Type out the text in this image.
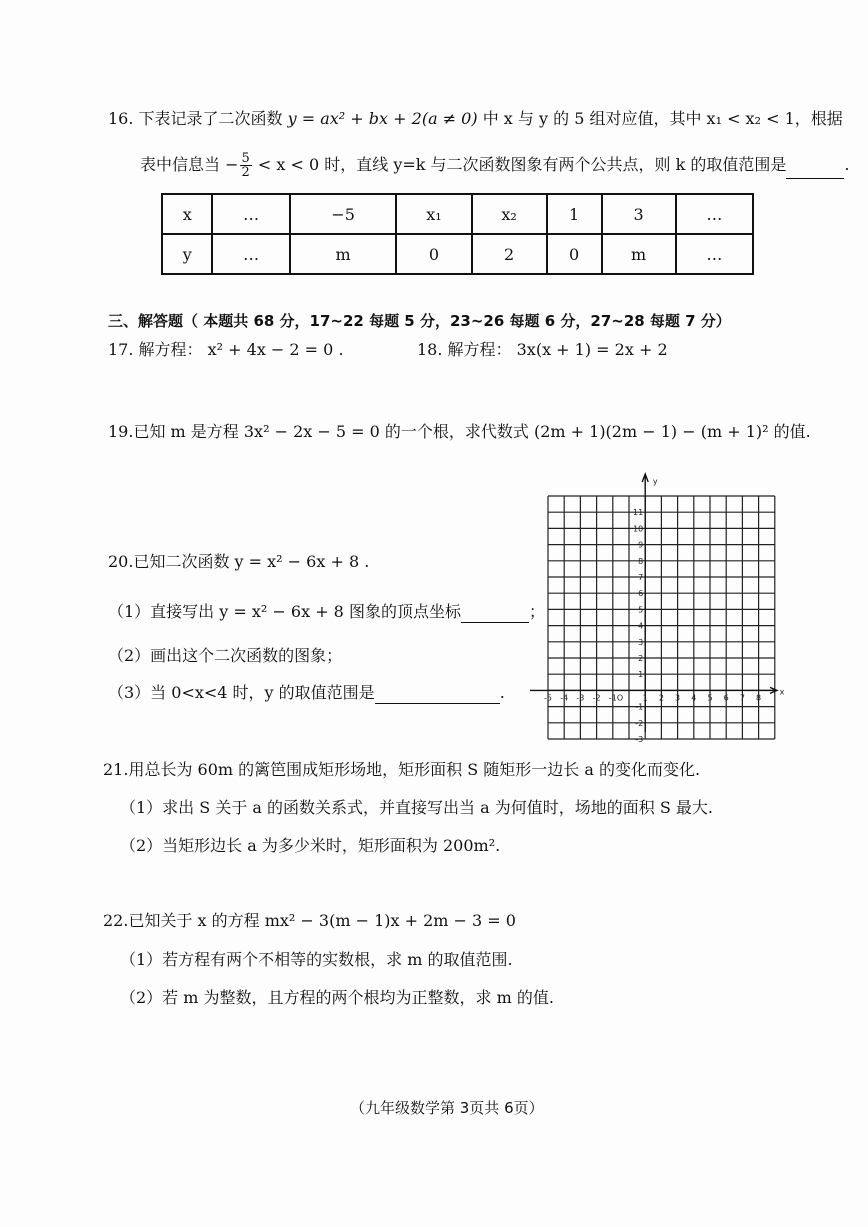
16. 下表记录了二次函数 y = ax² + bx + 2(a ≠ 0) 中 x 与 y 的 5 组对应值，其中 x₁ < x₂ < 1，根据
表中信息当 − $\frac{5}{2} < x < 0$ 时，直线 y=k 与二次函数图象有两个公共点，则 k 的取值范围是	.
x	…	−5	x₁	x₂	1	3	…
y	…	m	0	2	0	m	…
三、解答题（ 本题共 68 分，17~22 每题 5 分，23~26 每题 6 分，27~28 每题 7 分）
17. 解方程： x² + 4x − 2 = 0 .	18. 解方程： 3x(x + 1) = 2x + 2
19.已知 m 是方程 3x² − 2x − 5 = 0 的一个根，求代数式 (2m + 1)(2m − 1) − (m + 1)² 的值.
20.已知二次函数 y = x² − 6x + 8 .
（1）直接写出 y = x² − 6x + 8 图象的顶点坐标	；
（2）画出这个二次函数的图象；
（3）当 0<x<4 时，y 的取值范围是	.	-5 -4 -3 -2 -1 O 1 2 3 4 5 6 7 8
11
10
9
8
7
6
5
4
3
2
1
-1
-2
-3
x
y
21.用总长为 60m 的篱笆围成矩形场地，矩形面积 S 随矩形一边长 a 的变化而变化.
（1）求出 S 关于 a 的函数关系式，并直接写出当 a 为何值时，场地的面积 S 最大.
（2）当矩形边长 a 为多少米时，矩形面积为 200m².
22.已知关于 x 的方程 mx² − 3(m − 1)x + 2m − 3 = 0
（1）若方程有两个不相等的实数根，求 m 的取值范围.
（2）若 m 为整数，且方程的两个根均为正整数，求 m 的值.
（九年级数学第 3页共 6页）
